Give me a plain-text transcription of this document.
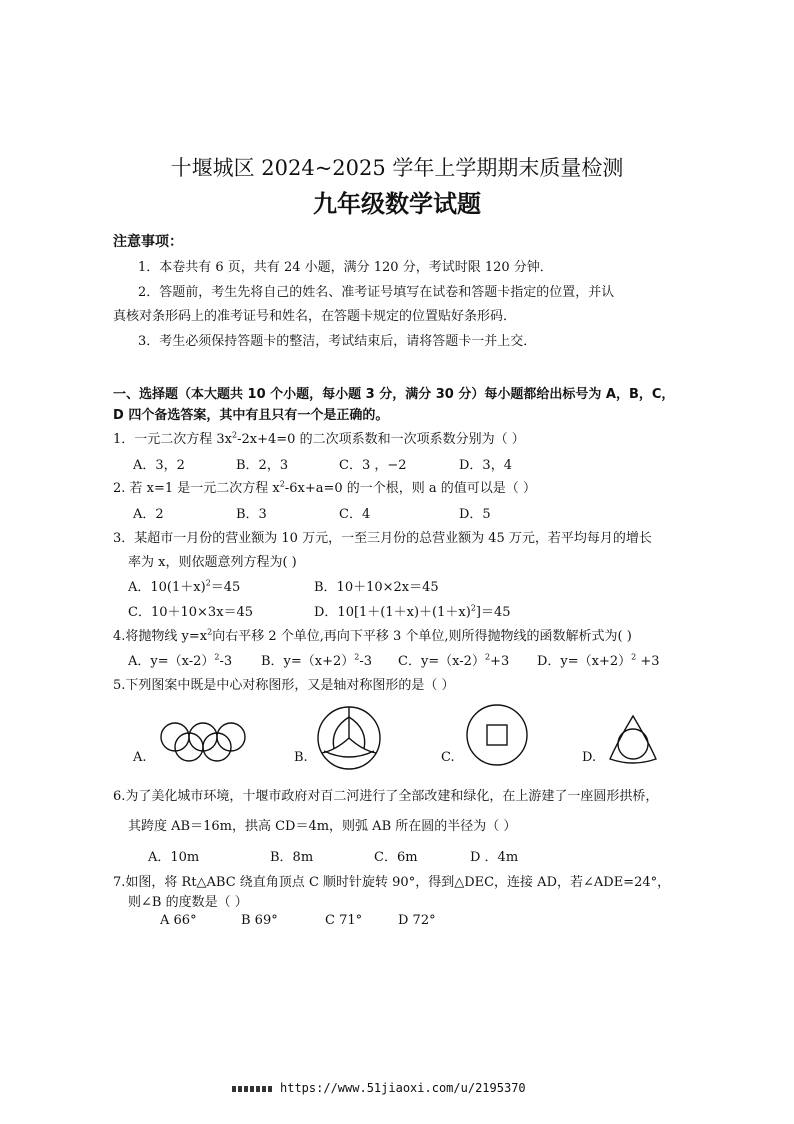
十堰城区 2024~2025 学年上学期期末质量检测
九年级数学试题
注意事项：
1．本卷共有 6 页，共有 24 小题，满分 120 分，考试时限 120 分钟．
2．答题前，考生先将自己的姓名、准考证号填写在试卷和答题卡指定的位置，并认
真核对条形码上的准考证号和姓名，在答题卡规定的位置贴好条形码．
3．考生必须保持答题卡的整洁，考试结束后，请将答题卡一并上交．
一、选择题（本大题共 10 个小题，每小题 3 分，满分 30 分）每小题都给出标号为 A，B，C，
D 四个备选答案，其中有且只有一个是正确的。
1．一元二次方程 $3x^2-2x+4=0$ 的二次项系数和一次项系数分别为（ ）
A．3，2	B．2，3	C．3 ，−2	D．3，4
2. 若 x=1 是一元二次方程 $x^2-6x+a=0$ 的一个根，则 a 的值可以是（ ）
A．2	B．3	C．4	D．5
3．某超市一月份的营业额为 10 万元，一至三月份的总营业额为 45 万元，若平均每月的增长
率为 x，则依题意列方程为( )
A．$10(1+x)^2=45$	B．10＋10×2x＝45
C．10＋10×3x＝45	D．$10[1+(1+x)+(1+x)^2]=45$
4.将抛物线 $y=x^2$向右平移 2 个单位,再向下平移 3 个单位,则所得抛物线的函数解析式为( )
A．$y=(x-2)^2-3$ B．$y=(x+2)^2-3$ C．$y=(x-2)^2+3$ D．$y=(x+2)^2 +3$
5.下列图案中既是中心对称图形，又是轴对称图形的是（ ）
A.	B.	C.	D.
6.为了美化城市环境，十堰市政府对百二河进行了全部改建和绿化，在上游建了一座圆形拱桥，
其跨度 AB＝16m，拱高 CD＝4m，则弧 AB 所在圆的半径为（ ）
A．10m	B．8m	C．6m	D ．4m
7.如图，将 Rt△ABC 绕直角顶点 C 顺时针旋转 90°，得到△DEC，连接 AD，若∠ADE=24°，
则∠B 的度数是（ ）
A 66°	B 69°	C 71°	D 72°
https://www.51jiaoxi.com/u/2195370
